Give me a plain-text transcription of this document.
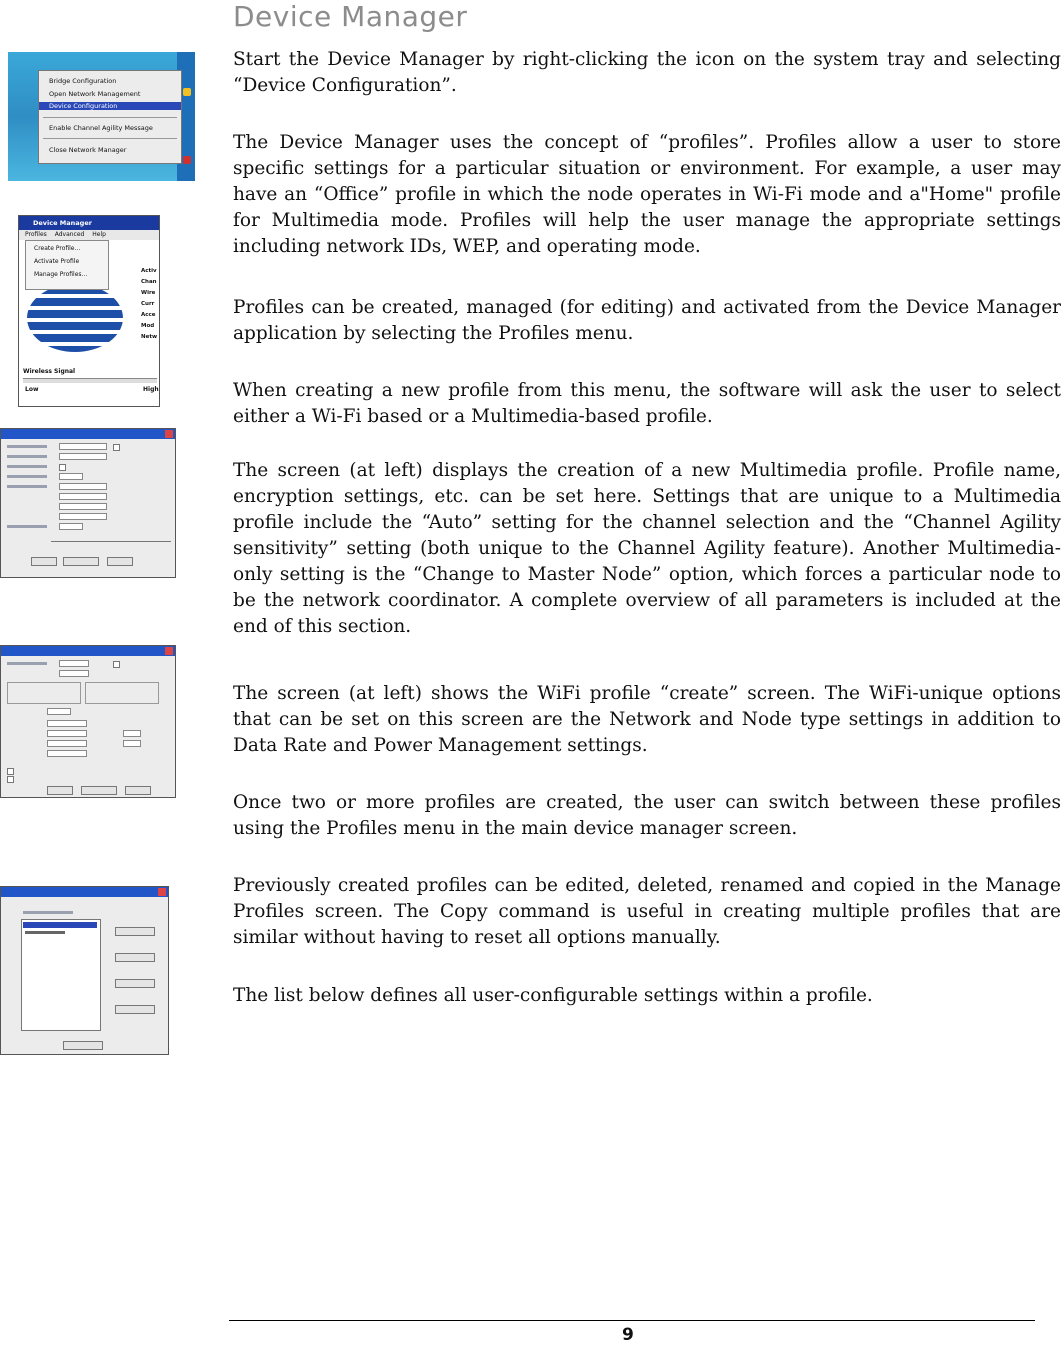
Device Manager

Start the Device Manager by right-clicking the icon on the system tray and selecting “Device Configuration”.

The Device Manager uses the concept of “profiles”. Profiles allow a user to store specific settings for a particular situation or environment. For example, a user may have an “Office” profile in which the node operates in Wi-Fi mode and a"Home" profile for Multimedia mode. Profiles will help the user manage the appropriate settings including network IDs, WEP, and operating mode.

Profiles can be created, managed (for editing) and activated from the Device Manager application by selecting the Profiles menu.

When creating a new profile from this menu, the software will ask the user to select either a Wi-Fi based or a Multimedia-based profile.

The screen (at left) displays the creation of a new Multimedia profile. Profile name, encryption settings, etc. can be set here. Settings that are unique to a Multimedia profile include the “Auto” setting for the channel selection and the “Channel Agility sensitivity” setting (both unique to the Channel Agility feature). Another Multimedia-only setting is the “Change to Master Node” option, which forces a particular node to be the network coordinator. A complete overview of all parameters is included at the end of this section.

The screen (at left) shows the WiFi profile “create” screen. The WiFi-unique options that can be set on this screen are the Network and Node type settings in addition to Data Rate and Power Management settings.

Once two or more profiles are created, the user can switch between these profiles using the Profiles menu in the main device manager screen.

Previously created profiles can be edited, deleted, renamed and copied in the Manage Profiles screen. The Copy command is useful in creating multiple profiles that are similar without having to reset all options manually.

The list below defines all user-configurable settings within a profile.

Bridge Configuration
Open Network Management
Device Configuration
Enable Channel Agility Message
Close Network Manager
Device Manager
Profiles Advanced Help
Create Profile...
Activate Profile
Manage Profiles...	Activ
Chan
Wire
Curr
Acce
Mod
Netw
Wireless Signal
Low	High
9
